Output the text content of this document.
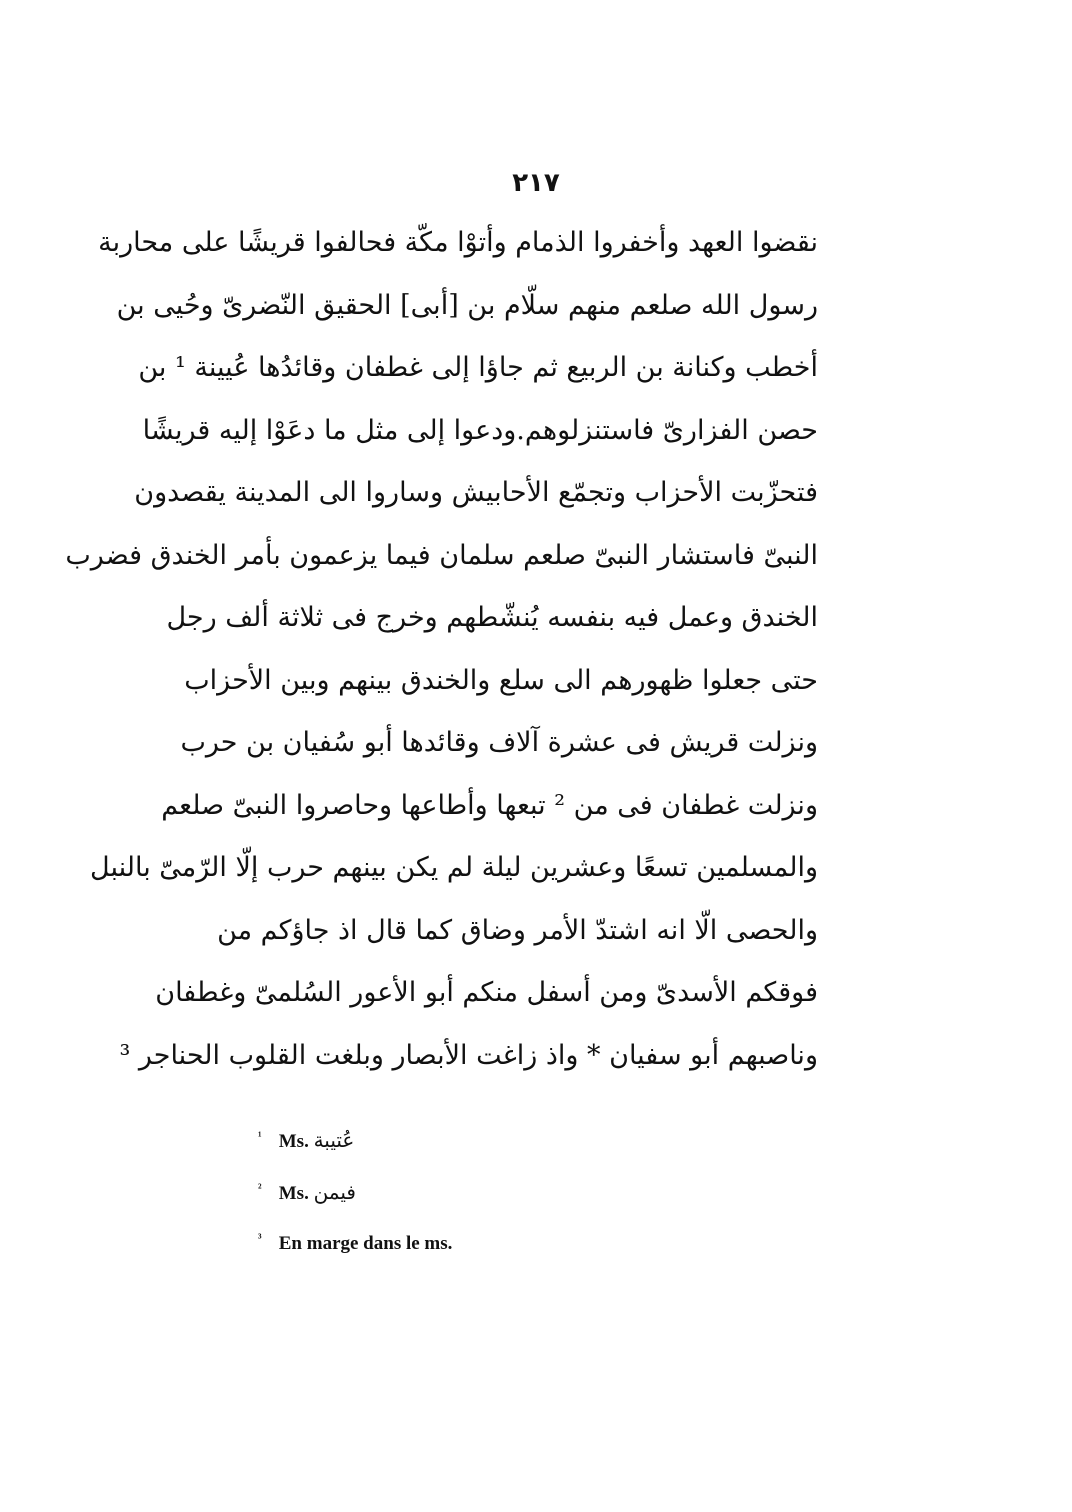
٢١٧
نقضوا العهد وأخفروا الذمام وأتوْا مكّة فحالفوا قريشًا على محاربة
رسول الله صلعم منهم سلّام بن [أبى] الحقيق النّضرىّ وحُيى بن
أخطب وكنانة بن الربيع ثم جاؤا إلى غطفان وقائدُها عُيينة ¹ بن
حصن الفزارىّ فاستنزلوهم.ودعوا إلى مثل ما دعَوْا إليه قريشًا
فتحزّبت الأحزاب وتجمّع الأحابيش وساروا الى المدينة يقصدون
النبىّ فاستشار النبىّ صلعم سلمان فيما يزعمون بأمر الخندق فضرب
الخندق وعمل فيه بنفسه يُنشّطهم وخرج فى ثلاثة ألف رجل
حتى جعلوا ظهورهم الى سلع والخندق بينهم وبين الأحزاب
ونزلت قريش فى عشرة آلاف وقائدها أبو سُفيان بن حرب
ونزلت غطفان فى من ² تبعها وأطاعها وحاصروا النبىّ صلعم
والمسلمين تسعًا وعشرين ليلة لم يكن بينهم حرب إلّا الرّمىّ بالنبل
والحصى الّا انه اشتدّ الأمر وضاق كما قال اذ جاؤكم من
فوقكم الأسدىّ ومن أسفل منكم أبو الأعور السُلمىّ وغطفان
وناصبهم أبو سفيان * واذ زاغت الأبصار وبلغت القلوب الحناجر ³
¹ Ms. عُتيبة
² Ms. فيمن
³ En marge dans le ms.
